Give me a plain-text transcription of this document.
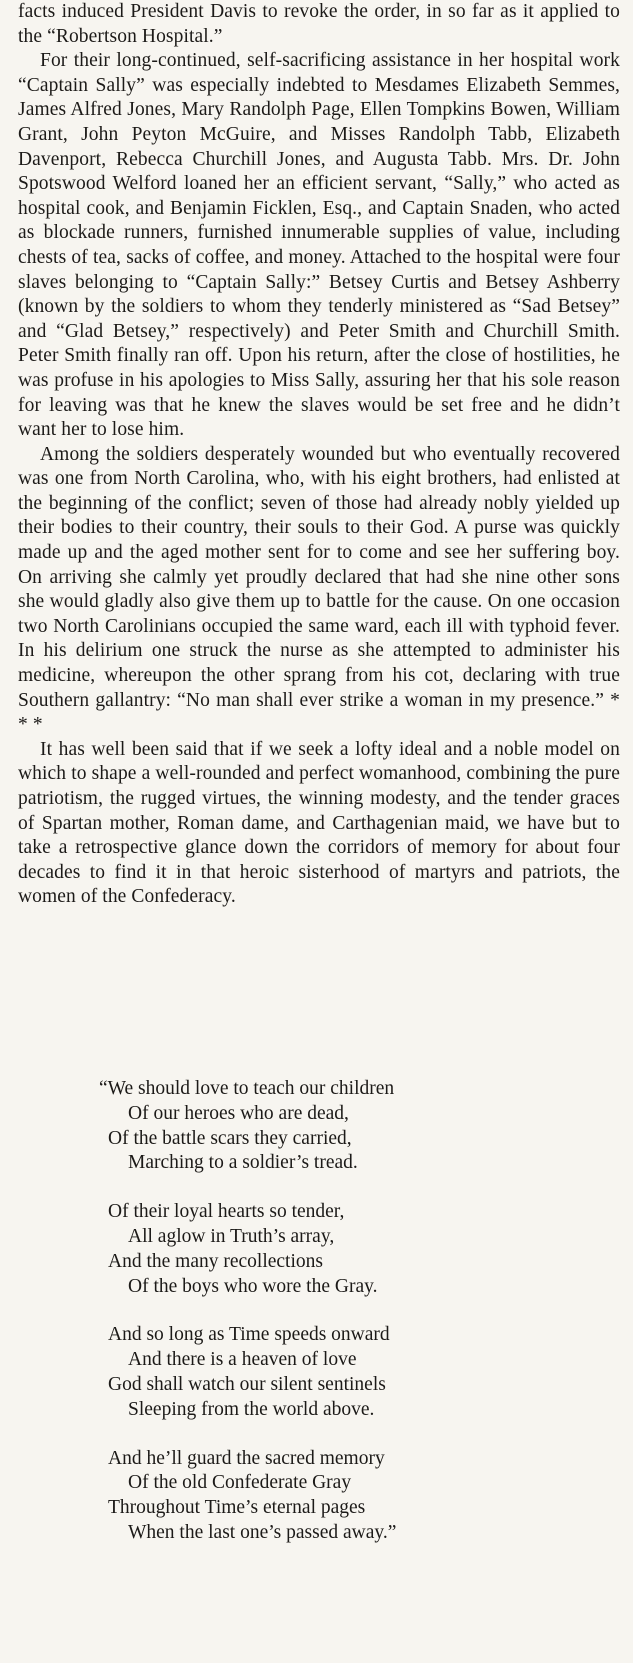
facts induced President Davis to revoke the order, in so far as it applied to the “Robertson Hospital.”

For their long-continued, self-sacrificing assistance in her hospital work “Captain Sally” was especially indebted to Mesdames Elizabeth Semmes, James Alfred Jones, Mary Randolph Page, Ellen Tompkins Bowen, William Grant, John Peyton McGuire, and Misses Randolph Tabb, Elizabeth Davenport, Rebecca Churchill Jones, and Augusta Tabb. Mrs. Dr. John Spotswood Welford loaned her an efficient servant, “Sally,” who acted as hospital cook, and Benjamin Ficklen, Esq., and Captain Snaden, who acted as blockade runners, furnished innumerable supplies of value, including chests of tea, sacks of coffee, and money. Attached to the hospital were four slaves belonging to “Captain Sally:” Betsey Curtis and Betsey Ashberry (known by the soldiers to whom they tenderly ministered as “Sad Betsey” and “Glad Betsey,” respectively) and Peter Smith and Churchill Smith. Peter Smith finally ran off. Upon his return, after the close of hostilities, he was profuse in his apologies to Miss Sally, assuring her that his sole reason for leaving was that he knew the slaves would be set free and he didn’t want her to lose him.

Among the soldiers desperately wounded but who eventually recovered was one from North Carolina, who, with his eight brothers, had enlisted at the beginning of the conflict; seven of those had already nobly yielded up their bodies to their country, their souls to their God. A purse was quickly made up and the aged mother sent for to come and see her suffering boy. On arriving she calmly yet proudly declared that had she nine other sons she would gladly also give them up to battle for the cause. On one occasion two North Carolinians occupied the same ward, each ill with typhoid fever. In his delirium one struck the nurse as she attempted to administer his medicine, whereupon the other sprang from his cot, declaring with true Southern gallantry: “No man shall ever strike a woman in my presence.” * * *

It has well been said that if we seek a lofty ideal and a noble model on which to shape a well-rounded and perfect womanhood, combining the pure patriotism, the rugged virtues, the winning modesty, and the tender graces of Spartan mother, Roman dame, and Carthagenian maid, we have but to take a retrospective glance down the corridors of memory for about four decades to find it in that heroic sisterhood of martyrs and patriots, the women of the Confederacy.

“We should love to teach our children
Of our heroes who are dead,
Of the battle scars they carried,
Marching to a soldier’s tread.
Of their loyal hearts so tender,
All aglow in Truth’s array,
And the many recollections
Of the boys who wore the Gray.
And so long as Time speeds onward
And there is a heaven of love
God shall watch our silent sentinels
Sleeping from the world above.
And he’ll guard the sacred memory
Of the old Confederate Gray
Throughout Time’s eternal pages
When the last one’s passed away.”
